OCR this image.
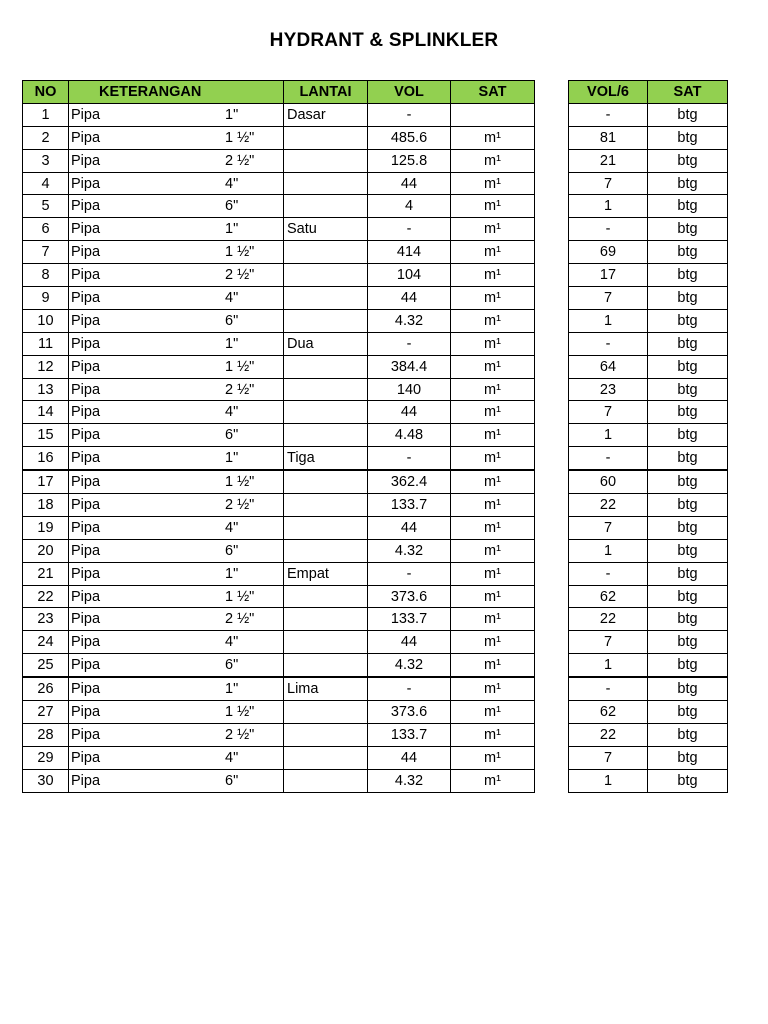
HYDRANT & SPLINKLER
NO	KETERANGAN	LANTAI	VOL	SAT
1	Pipa 1"	Dasar	-	
2	Pipa 1 ½"		485.6	m¹
3	Pipa 2 ½"		125.8	m¹
4	Pipa 4"		44	m¹
5	Pipa 6"		4	m¹
6	Pipa 1"	Satu	-	m¹
7	Pipa 1 ½"		414	m¹
8	Pipa 2 ½"		104	m¹
9	Pipa 4"		44	m¹
10	Pipa 6"		4.32	m¹
11	Pipa 1"	Dua	-	m¹
12	Pipa 1 ½"		384.4	m¹
13	Pipa 2 ½"		140	m¹
14	Pipa 4"		44	m¹
15	Pipa 6"		4.48	m¹
16	Pipa 1"	Tiga	-	m¹
17	Pipa 1 ½"		362.4	m¹
18	Pipa 2 ½"		133.7	m¹
19	Pipa 4"		44	m¹
20	Pipa 6"		4.32	m¹
21	Pipa 1"	Empat	-	m¹
22	Pipa 1 ½"		373.6	m¹
23	Pipa 2 ½"		133.7	m¹
24	Pipa 4"		44	m¹
25	Pipa 6"		4.32	m¹
26	Pipa 1"	Lima	-	m¹
27	Pipa 1 ½"		373.6	m¹
28	Pipa 2 ½"		133.7	m¹
29	Pipa 4"		44	m¹
30	Pipa 6"		4.32	m¹
VOL/6	SAT
-	btg
81	btg
21	btg
7	btg
1	btg
-	btg
69	btg
17	btg
7	btg
1	btg
-	btg
64	btg
23	btg
7	btg
1	btg
-	btg
60	btg
22	btg
7	btg
1	btg
-	btg
62	btg
22	btg
7	btg
1	btg
-	btg
62	btg
22	btg
7	btg
1	btg
